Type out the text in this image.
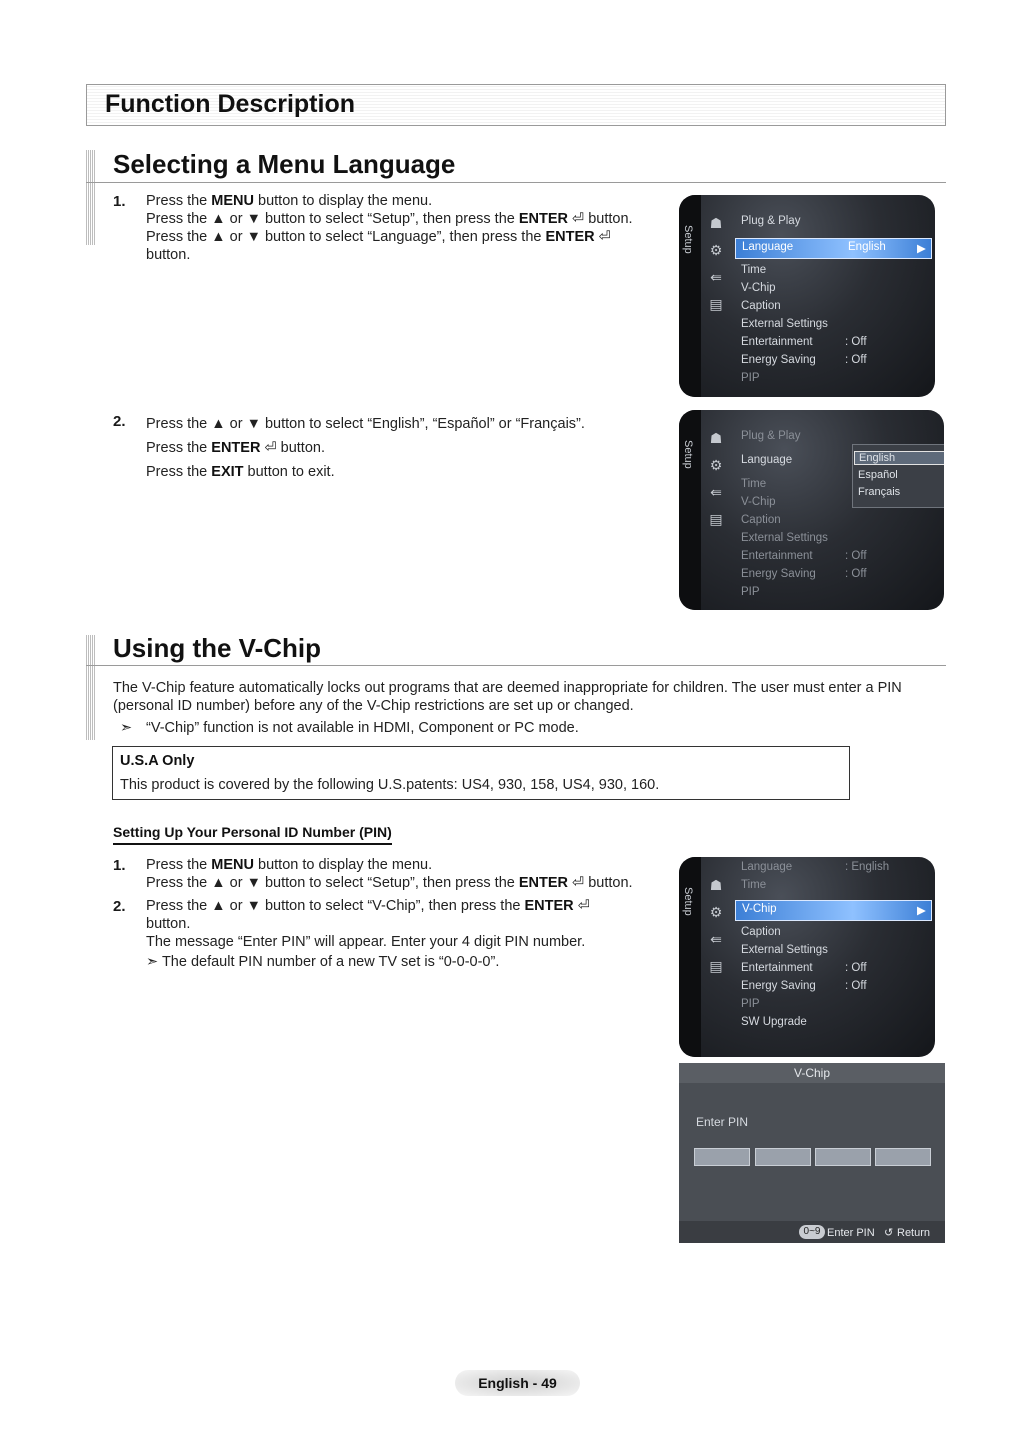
Function Description
Selecting a Menu Language
1. Press the MENU button to display the menu.
Press the ▲ or ▼ button to select “Setup”, then press the ENTER ⏎ button.
Press the ▲ or ▼ button to select “Language”, then press the ENTER ⏎
button.
Setup
☗
⚙
⇚
▤
Plug & Play
Language	English	▶
Time
V-Chip
Caption
External Settings
Entertainment	: Off
Energy Saving	: Off
PIP
2. Press the ▲ or ▼ button to select “English”, “Español” or “Français”.
Press the ENTER ⏎ button.
Press the EXIT button to exit.
Setup
☗
⚙
⇚
▤
Plug & Play
Language
Time
V-Chip
Caption
External Settings
Entertainment	: Off
Energy Saving	: Off
PIP
English
Español
Français
Using the V-Chip
The V-Chip feature automatically locks out programs that are deemed inappropriate for children. The user must enter a PIN
(personal ID number) before any of the V-Chip restrictions are set up or changed.
➣ “V-Chip” function is not available in HDMI, Component or PC mode.
U.S.A Only
This product is covered by the following U.S.patents: US4, 930, 158, US4, 930, 160.
Setting Up Your Personal ID Number (PIN)
1. Press the MENU button to display the menu.
Press the ▲ or ▼ button to select “Setup”, then press the ENTER ⏎ button.
2. Press the ▲ or ▼ button to select “V-Chip”, then press the ENTER ⏎
button.
The message “Enter PIN” will appear. Enter your 4 digit PIN number.
➣ The default PIN number of a new TV set is “0-0-0-0”.
Setup
☗
⚙
⇚
▤
Language	: English
Time
V-Chip	▶
Caption
External Settings
Entertainment	: Off
Energy Saving	: Off
PIP
SW Upgrade
V-Chip
Enter PIN
0~9 Enter PIN ↺ Return
English - 49
